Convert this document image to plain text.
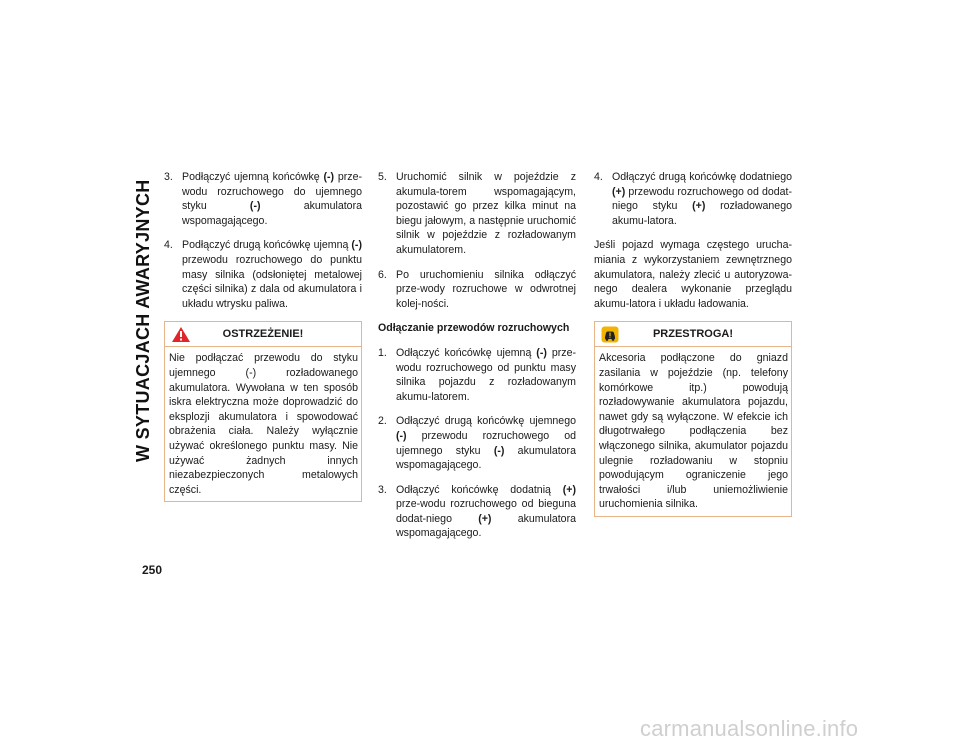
W SYTUACJACH AWARYJNYCH
250
3. Podłączyć ujemną końcówkę (-) prze-wodu rozruchowego do ujemnego styku (-) akumulatora wspomagającego.
4. Podłączyć drugą końcówkę ujemną (-) przewodu rozruchowego do punktu masy silnika (odsłoniętej metalowej części silnika) z dala od akumulatora i układu wtrysku paliwa.
OSTRZEŻENIE!
Nie podłączać przewodu do styku ujemnego (-) rozładowanego akumulatora. Wywołana w ten sposób iskra elektryczna może doprowadzić do eksplozji akumulatora i spowodować obrażenia ciała. Należy wyłącznie używać określonego punktu masy. Nie używać żadnych innych niezabezpieczonych metalowych części.
5. Uruchomić silnik w pojeździe z akumula-torem wspomagającym, pozostawić go przez kilka minut na biegu jałowym, a następnie uruchomić silnik w pojeździe z rozładowanym akumulatorem.
6. Po uruchomieniu silnika odłączyć prze-wody rozruchowe w odwrotnej kolej-ności.
Odłączanie przewodów rozruchowych
1. Odłączyć końcówkę ujemną (-) prze-wodu rozruchowego od punktu masy silnika pojazdu z rozładowanym akumu-latorem.
2. Odłączyć drugą końcówkę ujemnego (-) przewodu rozruchowego od ujemnego styku (-) akumulatora wspomagającego.
3. Odłączyć końcówkę dodatnią (+) prze-wodu rozruchowego od bieguna dodat-niego (+) akumulatora wspomagającego.
4. Odłączyć drugą końcówkę dodatniego (+) przewodu rozruchowego od dodat-niego styku (+) rozładowanego akumu-latora.
Jeśli pojazd wymaga częstego urucha-miania z wykorzystaniem zewnętrznego akumulatora, należy zlecić u autoryzowa-nego dealera wykonanie przeglądu akumu-latora i układu ładowania.
PRZESTROGA!
Akcesoria podłączone do gniazd zasilania w pojeździe (np. telefony komórkowe itp.) powodują rozładowywanie akumulatora pojazdu, nawet gdy są wyłączone. W efekcie ich długotrwałego podłączenia bez włączonego silnika, akumulator pojazdu ulegnie rozładowaniu w stopniu powodującym ograniczenie jego trwałości i/lub uniemożliwienie uruchomienia silnika.
carmanualsonline.info
